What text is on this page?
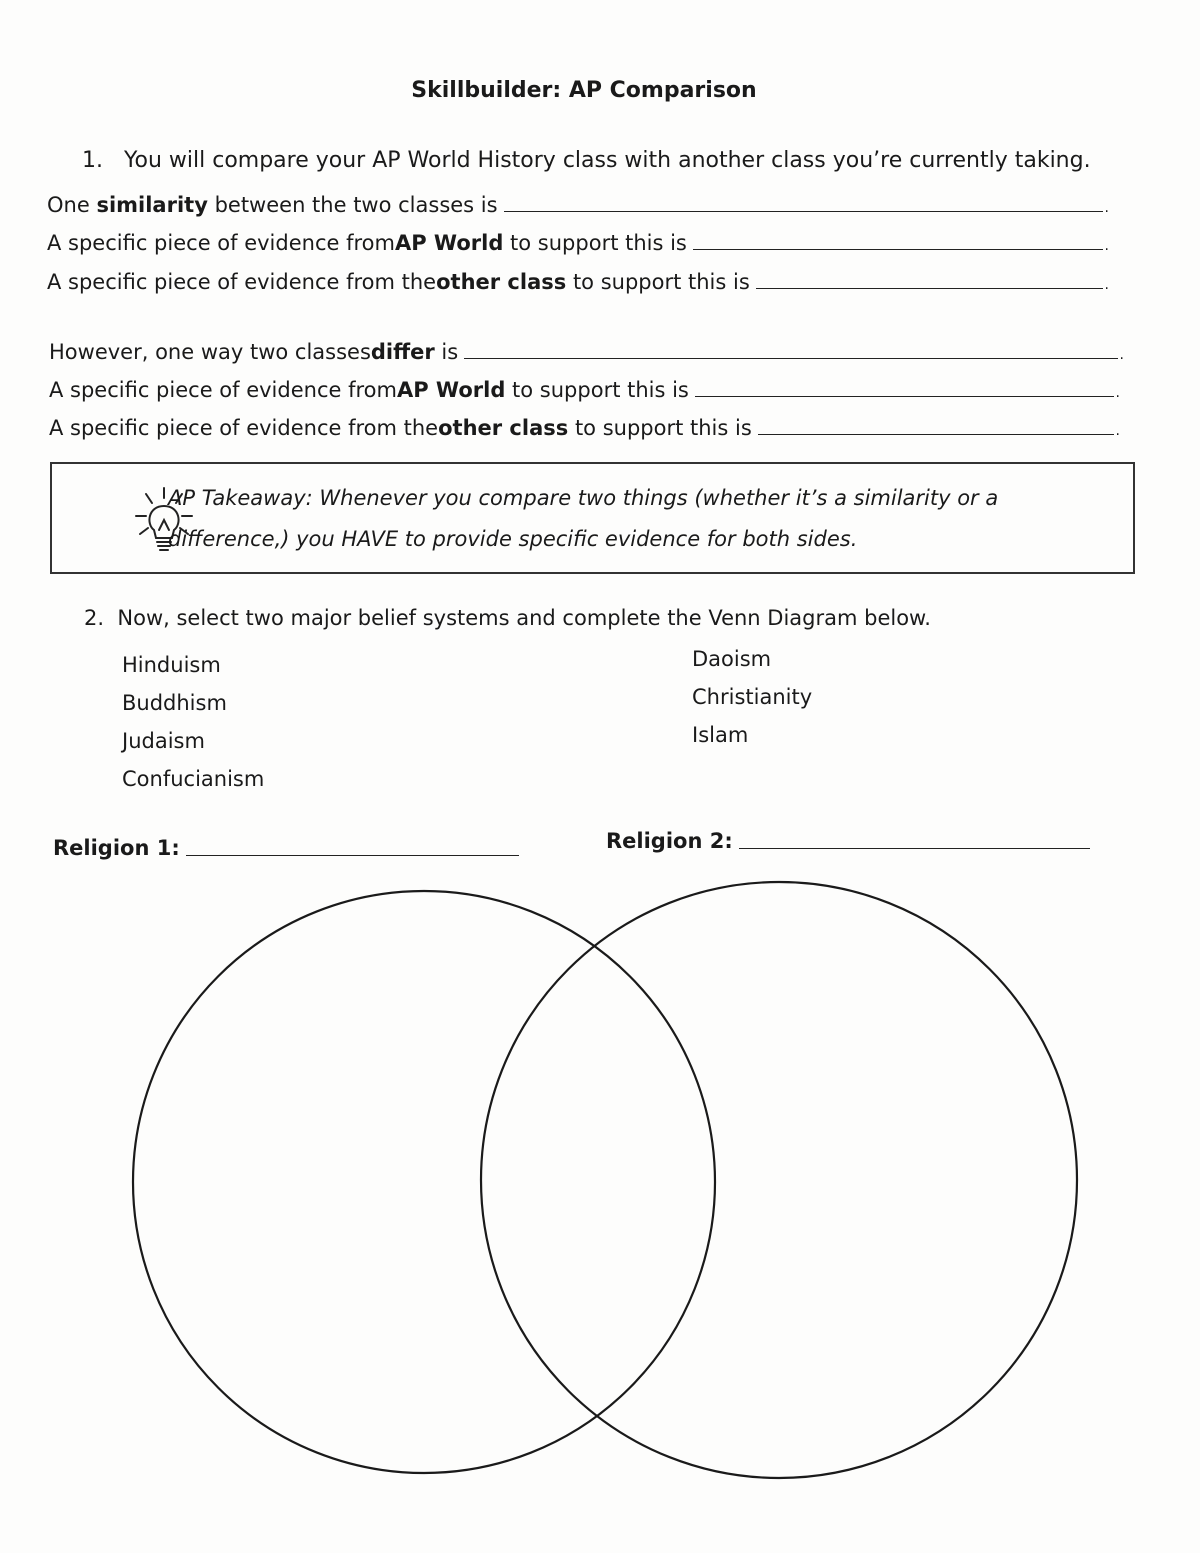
Skillbuilder: AP Comparison
1. You will compare your AP World History class with another class you’re currently taking.
One
similarity
between the two classes is	.
A specific piece of evidence from AP World
to support this is	.
A specific piece of evidence from the other class
to support this is	.
However, one way two classes differ
is	.
A specific piece of evidence from AP World
to support this is	.
A specific piece of evidence from the other class
to support this is	.
AP Takeaway: Whenever you compare two things (whether it’s a similarity or a
difference,) you HAVE to provide specific evidence for both sides.
2. Now, select two major belief systems and complete the Venn Diagram below.
Hinduism
Buddhism
Judaism
Confucianism
Daoism
Christianity
Islam
Religion 1:	Religion 2:
